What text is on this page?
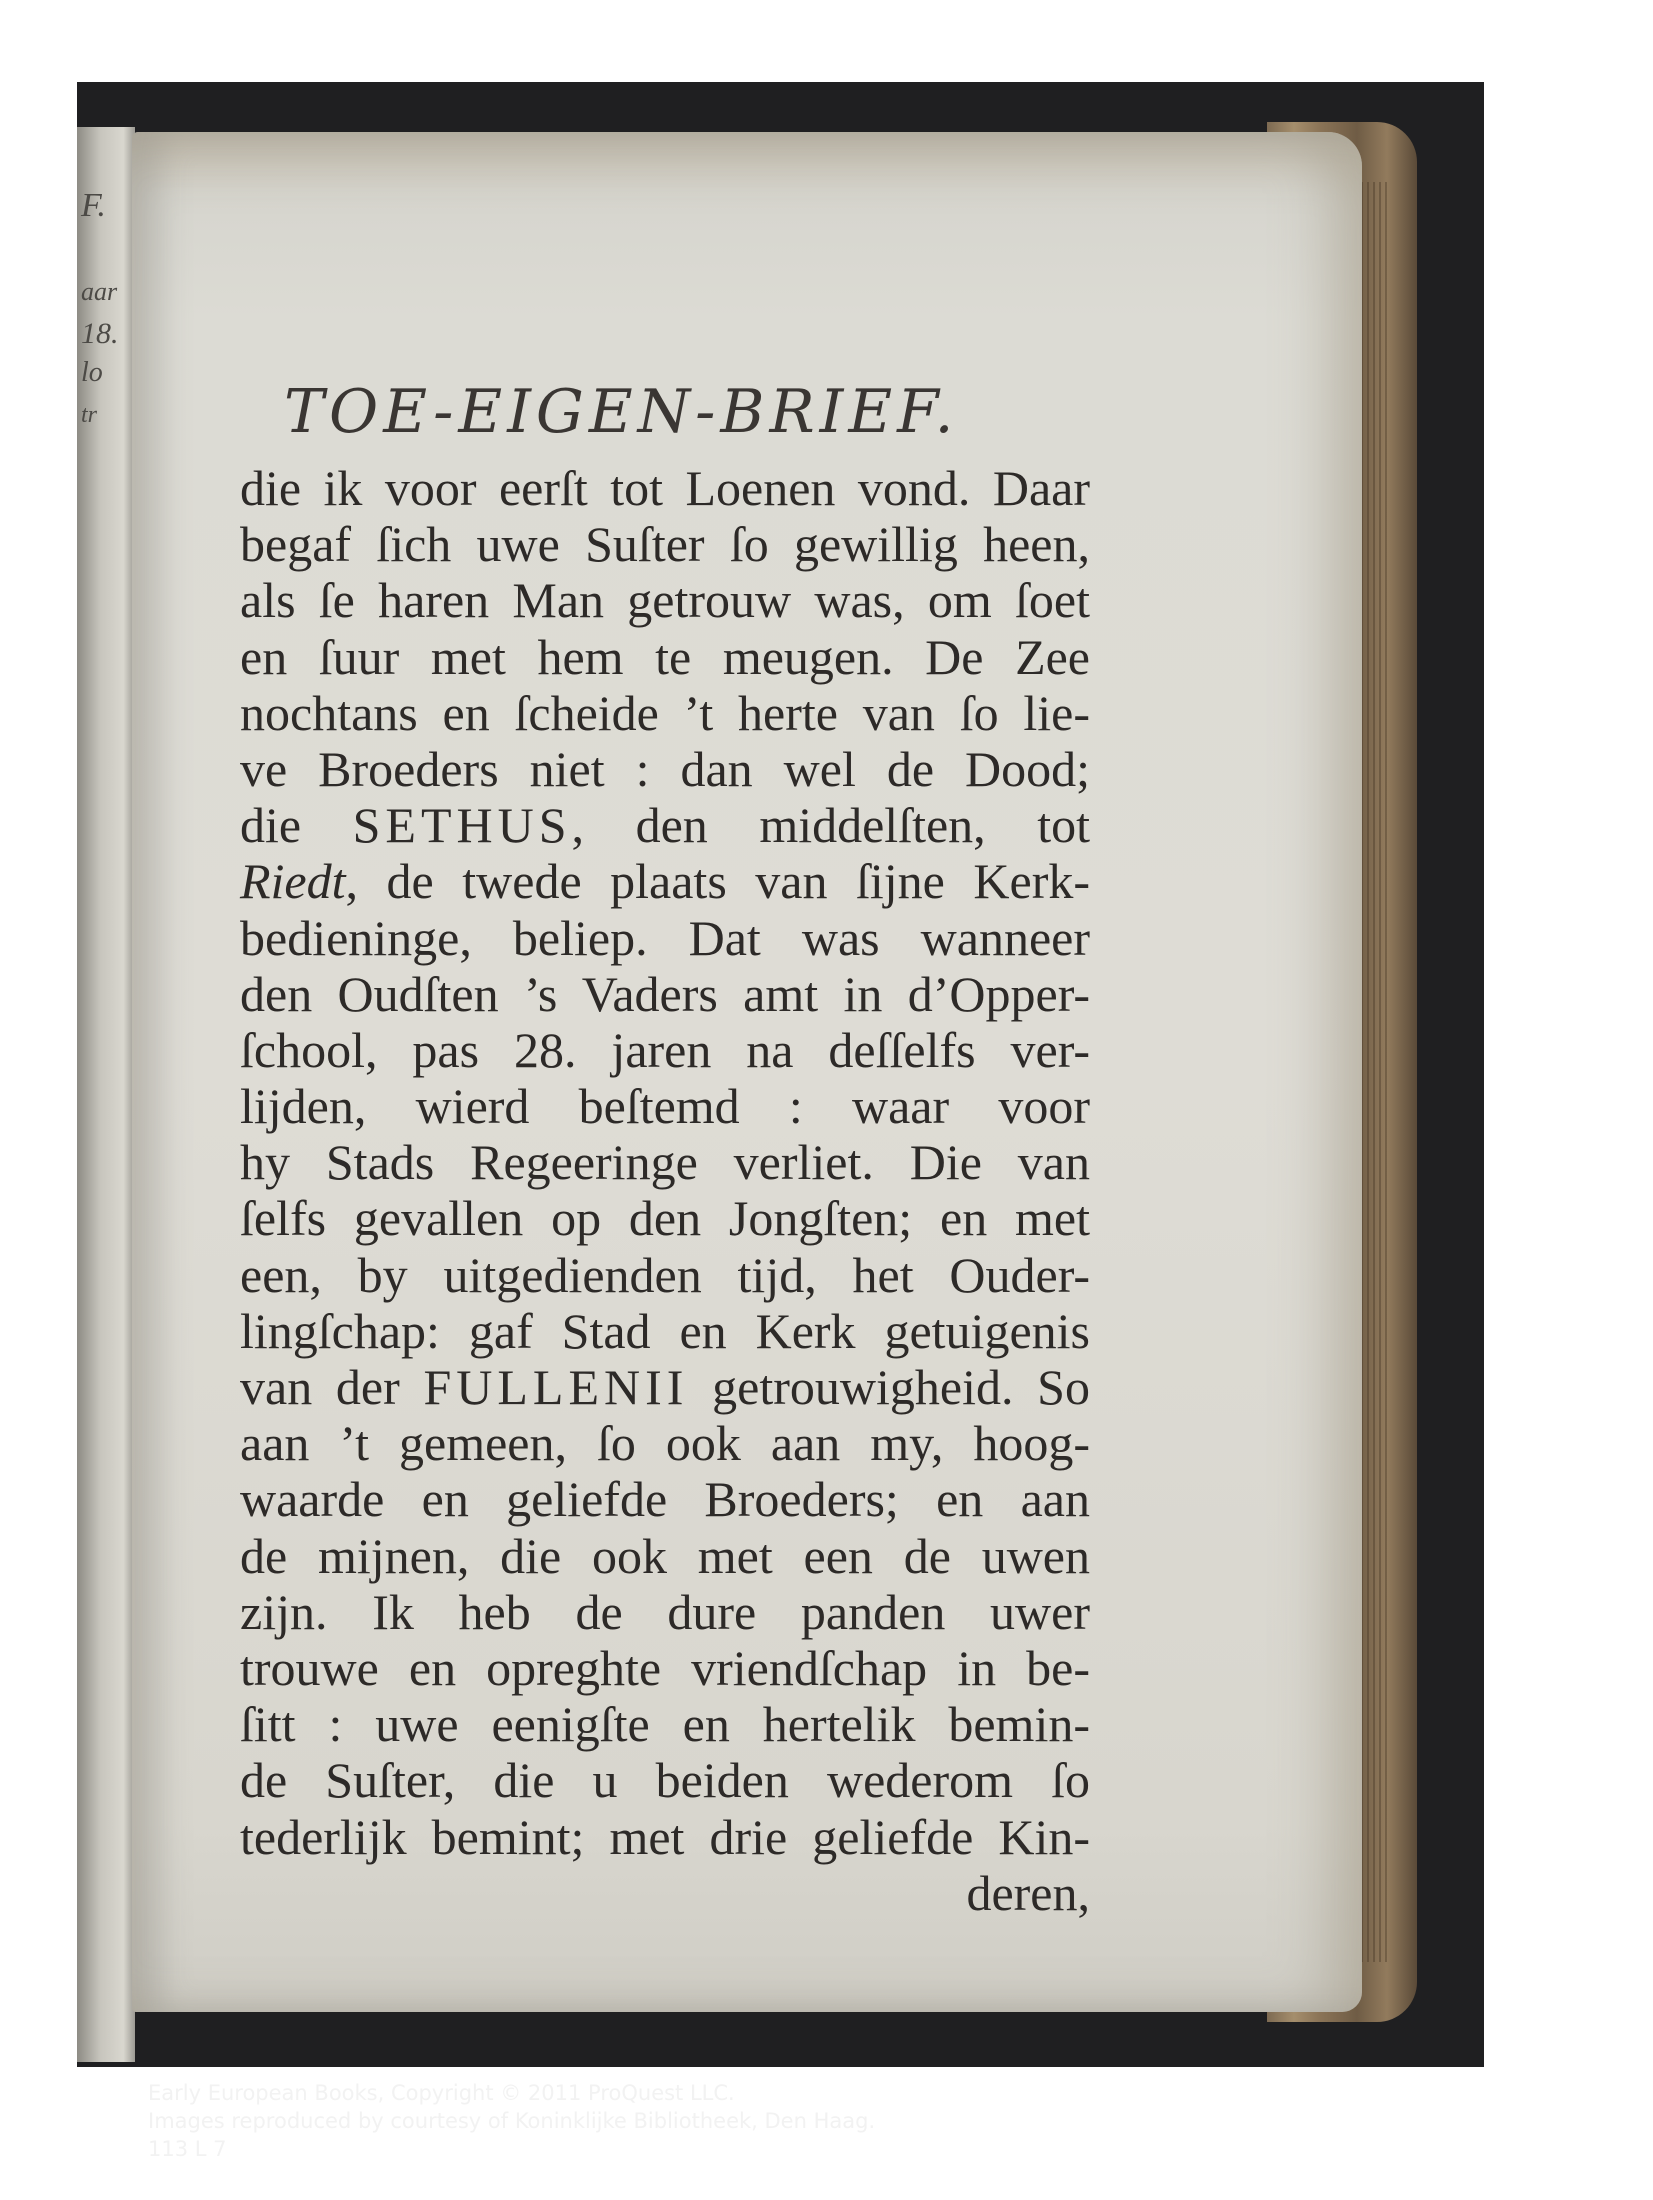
F.
aar
18.
lo
tr	TOE-EIGEN-BRIEF.
die ik voor eerſt tot Loenen vond. Daar
begaf ſich uwe Suſter ſo gewillig heen,
als ſe haren Man getrouw was, om ſoet
en ſuur met hem te meugen. De Zee
nochtans en ſcheide ’t herte van ſo lie-
ve Broeders niet : dan wel de Dood;
die SETHUS, den middelſten, tot
Riedt, de twede plaats van ſijne Kerk-
bedieninge, beliep. Dat was wanneer
den Oudſten ’s Vaders amt in d’Opper-
ſchool, pas 28. jaren na deſſelfs ver-
lijden, wierd beſtemd : waar voor
hy Stads Regeeringe verliet. Die van
ſelfs gevallen op den Jongſten; en met
een, by uitgedienden tijd, het Ouder-
lingſchap: gaf Stad en Kerk getuigenis
van der FULLENII getrouwigheid. So
aan ’t gemeen, ſo ook aan my, hoog-
waarde en geliefde Broeders; en aan
de mijnen, die ook met een de uwen
zijn. Ik heb de dure panden uwer
trouwe en opreghte vriendſchap in be-
ſitt : uwe eenigſte en hertelik bemin-
de Suſter, die u beiden wederom ſo
tederlijk bemint; met drie geliefde Kin-
deren,
Early European Books, Copyright © 2011 ProQuest LLC.
Images reproduced by courtesy of Koninklijke Bibliotheek, Den Haag.
113 L 7
